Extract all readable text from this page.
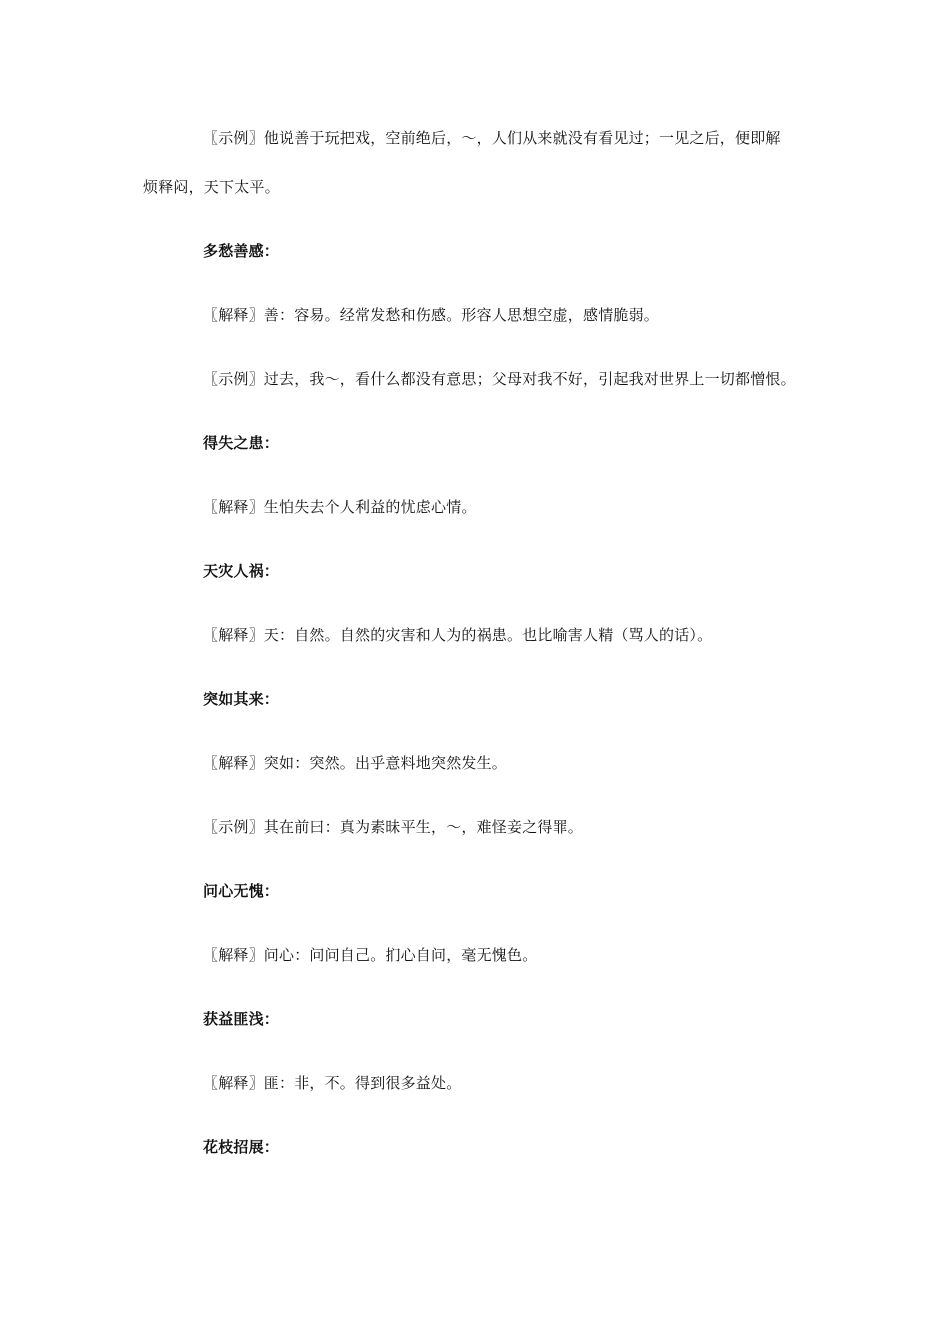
〖示例〗他说善于玩把戏，空前绝后，～，人们从来就没有看见过；一见之后，便即解
烦释闷，天下太平。
多愁善感：
〖解释〗善：容易。经常发愁和伤感。形容人思想空虚，感情脆弱。
〖示例〗过去，我～，看什么都没有意思；父母对我不好，引起我对世界上一切都憎恨。
得失之患：
〖解释〗生怕失去个人利益的忧虑心情。
天灾人祸：
〖解释〗天：自然。自然的灾害和人为的祸患。也比喻害人精（骂人的话）。
突如其来：
〖解释〗突如：突然。出乎意料地突然发生。
〖示例〗其在前曰：真为素昧平生，～，难怪妾之得罪。
问心无愧：
〖解释〗问心：问问自己。扪心自问，毫无愧色。
获益匪浅：
〖解释〗匪：非，不。得到很多益处。
花枝招展：
